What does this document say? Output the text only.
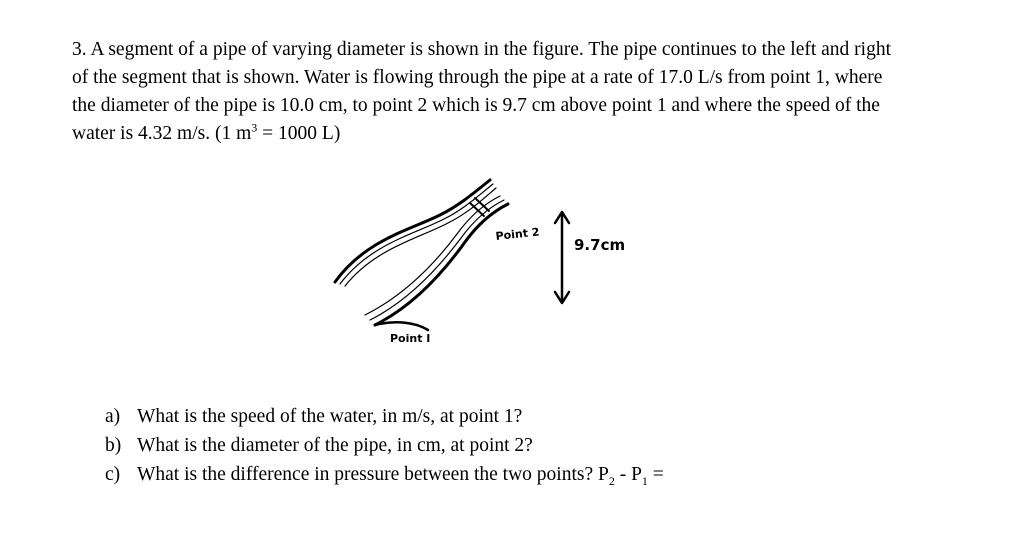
3. A segment of a pipe of varying diameter is shown in the figure. The pipe continues to the left and right of the segment that is shown. Water is flowing through the pipe at a rate of 17.0 L/s from point 1, where the diameter of the pipe is 10.0 cm, to point 2 which is 9.7 cm above point 1 and where the speed of the water is 4.32 m/s. (1 $m^3 = 1000$ L)

Point 2
9.7cm
Point I
a) What is the speed of the water, in m/s, at point 1?
b) What is the diameter of the pipe, in cm, at point 2?
c) What is the difference in pressure between the two points? $P_2 - P_1$ =
